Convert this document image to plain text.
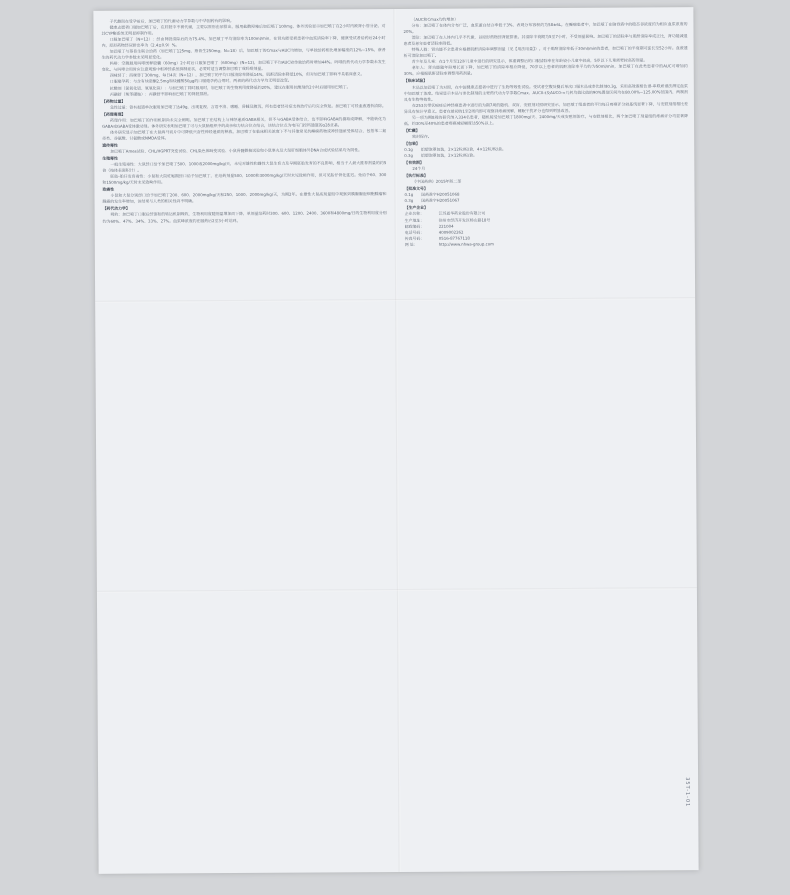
子代雌鼠在受孕前后，加巴喷丁的代谢动力学参数与中华国药有的影响。

健康志愿者口服加巴喷丁后，在肝脏中不被代谢，主要以原形由尿排出，服用盐酸羟嗪后加巴喷丁100mg，体外试验显示加巴喷丁在2小时内被肾小管分泌，对其CYP酶系统无明显抑制作用。

口服加巴喷丁（N=12）：经由肾脏清除后约为75.4%，加巴喷丁平均清除率为100ml/min，在肾功能受损患者中血浆清除率下降，健康受试者给药后24小时内，原形药物经尿排出率为（2.4±0.9）%。

加巴喷丁与萘普生联合给药（加巴喷丁125mg，萘普生250mg；N=18）后，加巴喷丁的Cmax与AUC均增加，与单独给药相比增加幅度约12%~15%，萘普生的药代动力学参数未见明显变化。

吗啡：空腹服用吗啡缓释胶囊（60mg）2小时后口服加巴喷丁（600mg）(N=12)，加巴喷丁平均AUC较单独给药时增加44%。吗啡的药代动力学参数未发生变化。与吗啡合用时应注意观察中枢神经系统抑制症状，必要时适当调整加巴喷丁或吗啡剂量。

西咪替丁：西咪替丁300mg，每日4次（N=12），加巴喷丁的平均口服清除率降低14%，肌酐清除率降低10%，但对加巴喷丁影响不具临床意义。

口服避孕药：与含有炔诺酮2.5mg和炔雌醇50μg的口服避孕药合用时，两者的药代动力学均无明显改变。

抗酸剂（氢氧化铝、氢氧化镁）：与加巴喷丁同时服用时，加巴喷丁的生物利用度降低约20%，建议在服用抗酸剂约2小时后服用加巴喷丁。

丙磺舒（羧苯磺胺）：丙磺舒不影响加巴喷丁的肾脏排泄。

【药物过量】

急性过量：曾有报道单次服用加巴喷丁达49g，出现复视、言语不清、嗜睡、昏睡及腹泻。所有患者经对症支持治疗后均完全恢复。加巴喷丁可经血液透析清除。

【药理毒理】

药理作用：加巴喷丁的作用机制尚未完全阐明。加巴喷丁在结构上与神经递质GABA相关，但不与GABA受体结合，也不影响GABA的摄取或降解，不能转化为GABA或GABA受体激动剂。体外研究表明加巴喷丁可与大鼠脑组织中的高亲和力结合位点结合，该结合位点为电压门控钙通道的α2δ亚基。

体外研究显示加巴喷丁在大鼠海马切片中可降低兴奋性神经递质的释放。加巴喷丁在临床相关浓度下不与其他常见抗癫痫药物或神经递质受体结合，包括苯二氮䓬类、谷氨酸、甘氨酸或NMDA受体。

遗传毒性

加巴喷丁Ames试验、CHL/HGPRT突变试验、CHL染色体畸变试验、小鼠骨髓微核试验和小鼠睾丸及大鼠肝细胞体外DNA合成试验结果均为阴性。

生殖毒性

一般生殖毒性：大鼠经口给予加巴喷丁500、1000或2000mg/kg/天，未见对雄性和雌性大鼠生育力及早期胚胎发育的不良影响，相当于人最大推荐剂量的约5倍（按体表面积计）。

胚胎-胎仔发育毒性：小鼠和大鼠妊娠期经口给予加巴喷丁，在给药剂量500、1000和3000mg/kg/天时未见致畸作用，但可见胎仔骨化延迟。兔给予60、300和1500mg/kg/天时未见致畸作用。

致癌性

小鼠和大鼠分别经口给予加巴喷丁200、600、2000mg/kg/天和250、1000、2000mg/kg/天，为期2年。在雄性大鼠高剂量组中观察到胰腺腺泡细胞腺瘤和腺癌的发生率增加，该结果与人类的相关性尚不明确。

【药代动力学】

吸收：加巴喷丁口服后经饱和的转运机制吸收，生物利用度随剂量增加而下降，单剂量给药时300、600、1200、2400、3600和4800mg/日的生物利用度分别约为60%、47%、34%、33%、27%。血浆峰浓度约在服药后2至3小时达到。

（AUC和Cmax均约增加）

分布：加巴喷丁在体内分布广泛，血浆蛋白结合率低于3%，表观分布容积约为58±6L。在癫痫患者中，加巴喷丁在脑脊液中的稳态谷浓度约为相应血浆浓度的20%。

消除：加巴喷丁在人体内几乎不代谢，以原形药物经肾脏排泄。其清除半衰期为5至7小时，不受剂量影响。加巴喷丁的清除率与肌酐清除率成正比，肾功能减退患者及老年患者清除率降低。

特殊人群：肾功能不全患者应根据肌酐清除率调整剂量（见【用法用量】）。对于肌酐清除率低于30ml/min的患者，加巴喷丁的半衰期可延长至52小时。血液透析可清除加巴喷丁。

青少年及儿童：在1个月至12岁儿童中进行的研究显示，体重调整后的口服清除率在年龄较小儿童中较高，5岁以下儿童需要较高的剂量。

老年人：肾功能随年龄增长而下降，加巴喷丁的清除率相应降低，70岁以上患者的肌酐清除率平均约为50ml/min，加巴喷丁在此类患者中的AUC可增加约30%，应根据肌酐清除率调整用药剂量。

【临床试验】

本品以加巴喷丁为对照，在中国健康志愿者中进行了生物等效性试验。受试者空腹及餐后单次口服本品或参比制剂0.3g，采用高效液相色谱-串联质谱法测定血浆中加巴喷丁浓度。结果显示本品与参比制剂的主要药代动力学参数Cmax、AUC0-t及AUC0-∞几何均值比值的90%置信区间均在80.00%~125.00%范围内，两制剂具有生物等效性。

在253名带状疱疹后神经痛患者中进行的为期7周的随机、双盲、安慰剂对照研究显示，加巴喷丁组患者的平均每日疼痛评分较基线显著下降，与安慰剂组相比差异具有统计学意义。患者在最初的1至2周内即可观察到疼痛缓解，睡眠干扰评分也得到明显改善。

另一项为期8周的研究纳入334名患者，随机接受加巴喷丁1800mg/天、2400mg/天或安慰剂治疗。与安慰剂相比，两个加巴喷丁剂量组的疼痛评分均显著降低，约30%至40%的患者疼痛减轻幅度达50%以上。

【贮藏】

密封保存。

【包装】
0.1g 铝塑泡罩包装，2×12粒/板/盒，4×12粒/板/盒。
0.3g 铝塑泡罩包装，2×12粒/板/盒。
【有效期】

24个月

【执行标准】

《中国药典》2015年版二部

【批准文号】
0.1g 国药准字H20051068
0.3g 国药准字H20051067
【生产企业】
企业名称：	江苏恩华药业股份有限公司
生产地址：	徐州市经济开发区杨山路18号
邮政编码：	221004
电话号码：	4009002262
传真号码：	0516-87767118
网 址：	http://www.nhwa-group.com
35T-1-01
